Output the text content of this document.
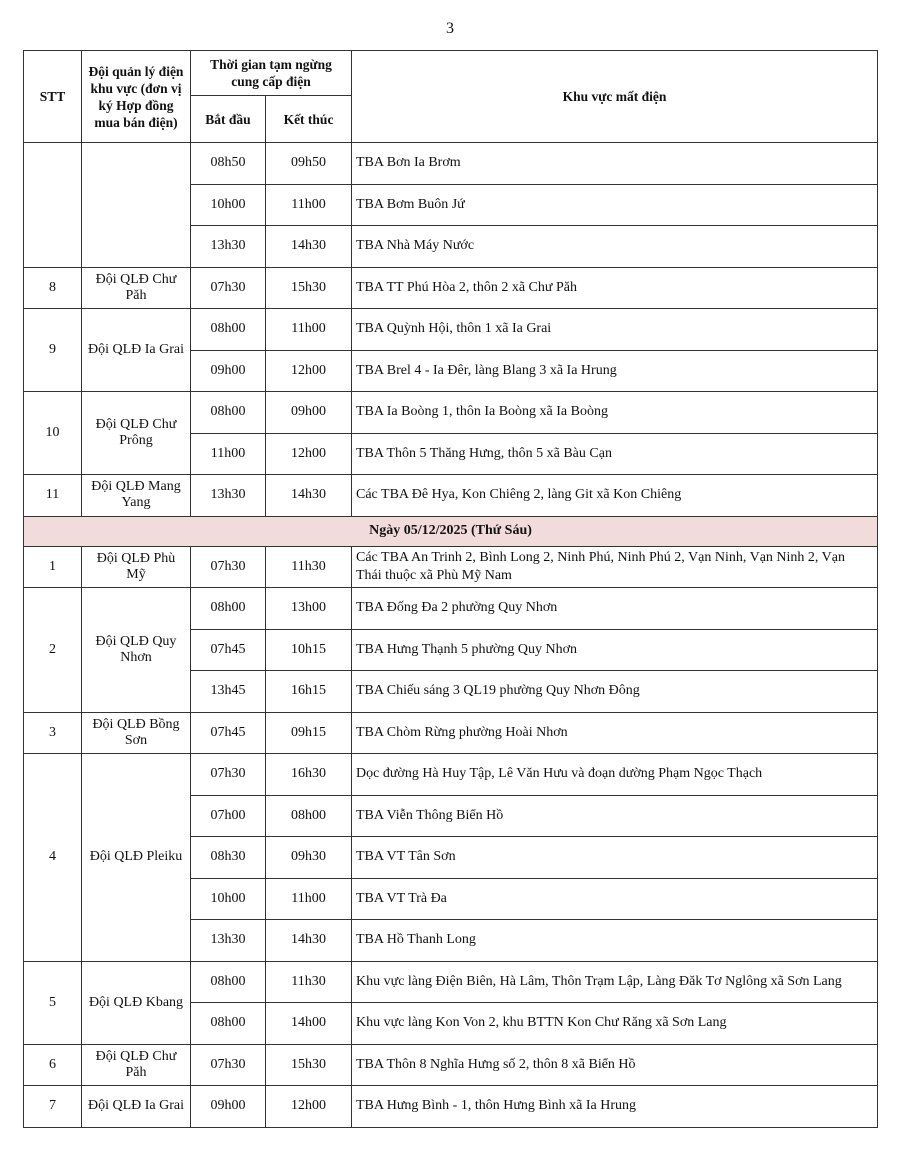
3
STT	Đội quản lý điện khu vực (đơn vị ký Hợp đồng mua bán điện)	Thời gian tạm ngừng cung cấp điện		Khu vực mất điện
		Bắt đầu	Kết thúc	
		08h50	09h50	TBA Bơn Ia Brơm
		10h00	11h00	TBA Bơm Buôn Jứ
		13h30	14h30	TBA Nhà Máy Nước
8	Đội QLĐ Chư Păh	07h30	15h30	TBA TT Phú Hòa 2, thôn 2 xã Chư Păh
9	Đội QLĐ Ia Grai	08h00	11h00	TBA Quỳnh Hội, thôn 1 xã Ia Grai
		09h00	12h00	TBA Brel 4 - Ia Đêr, làng Blang 3 xã Ia Hrung
10	Đội QLĐ Chư Prông	08h00	09h00	TBA Ia Boòng 1, thôn Ia Boòng xã Ia Boòng
		11h00	12h00	TBA Thôn 5 Thăng Hưng, thôn 5 xã Bàu Cạn
11	Đội QLĐ Mang Yang	13h30	14h30	Các TBA Đê Hya, Kon Chiêng 2, làng Git xã Kon Chiêng
Ngày 05/12/2025 (Thứ Sáu)				
1	Đội QLĐ Phù Mỹ	07h30	11h30	Các TBA An Trinh 2, Bình Long 2, Ninh Phú, Ninh Phú 2, Vạn Ninh, Vạn Ninh 2, Vạn Thái thuộc xã Phù Mỹ Nam
2	Đội QLĐ Quy Nhơn	08h00	13h00	TBA Đống Đa 2 phường Quy Nhơn
		07h45	10h15	TBA Hưng Thạnh 5 phường Quy Nhơn
		13h45	16h15	TBA Chiếu sáng 3 QL19 phường Quy Nhơn Đông
3	Đội QLĐ Bồng Sơn	07h45	09h15	TBA Chòm Rừng phường Hoài Nhơn
4	Đội QLĐ Pleiku	07h30	16h30	Dọc đường Hà Huy Tập, Lê Văn Hưu và đoạn dường Phạm Ngọc Thạch
		07h00	08h00	TBA Viễn Thông Biển Hồ
		08h30	09h30	TBA VT Tân Sơn
		10h00	11h00	TBA VT Trà Đa
		13h30	14h30	TBA Hồ Thanh Long
5	Đội QLĐ Kbang	08h00	11h30	Khu vực làng Điện Biên, Hà Lâm, Thôn Trạm Lập, Làng Đăk Tơ Nglông xã Sơn Lang
		08h00	14h00	Khu vực làng Kon Von 2, khu BTTN Kon Chư Răng xã Sơn Lang
6	Đội QLĐ Chư Păh	07h30	15h30	TBA Thôn 8 Nghĩa Hưng số 2, thôn 8 xã Biển Hồ
7	Đội QLĐ Ia Grai	09h00	12h00	TBA Hưng Bình - 1, thôn Hưng Bình xã Ia Hrung
